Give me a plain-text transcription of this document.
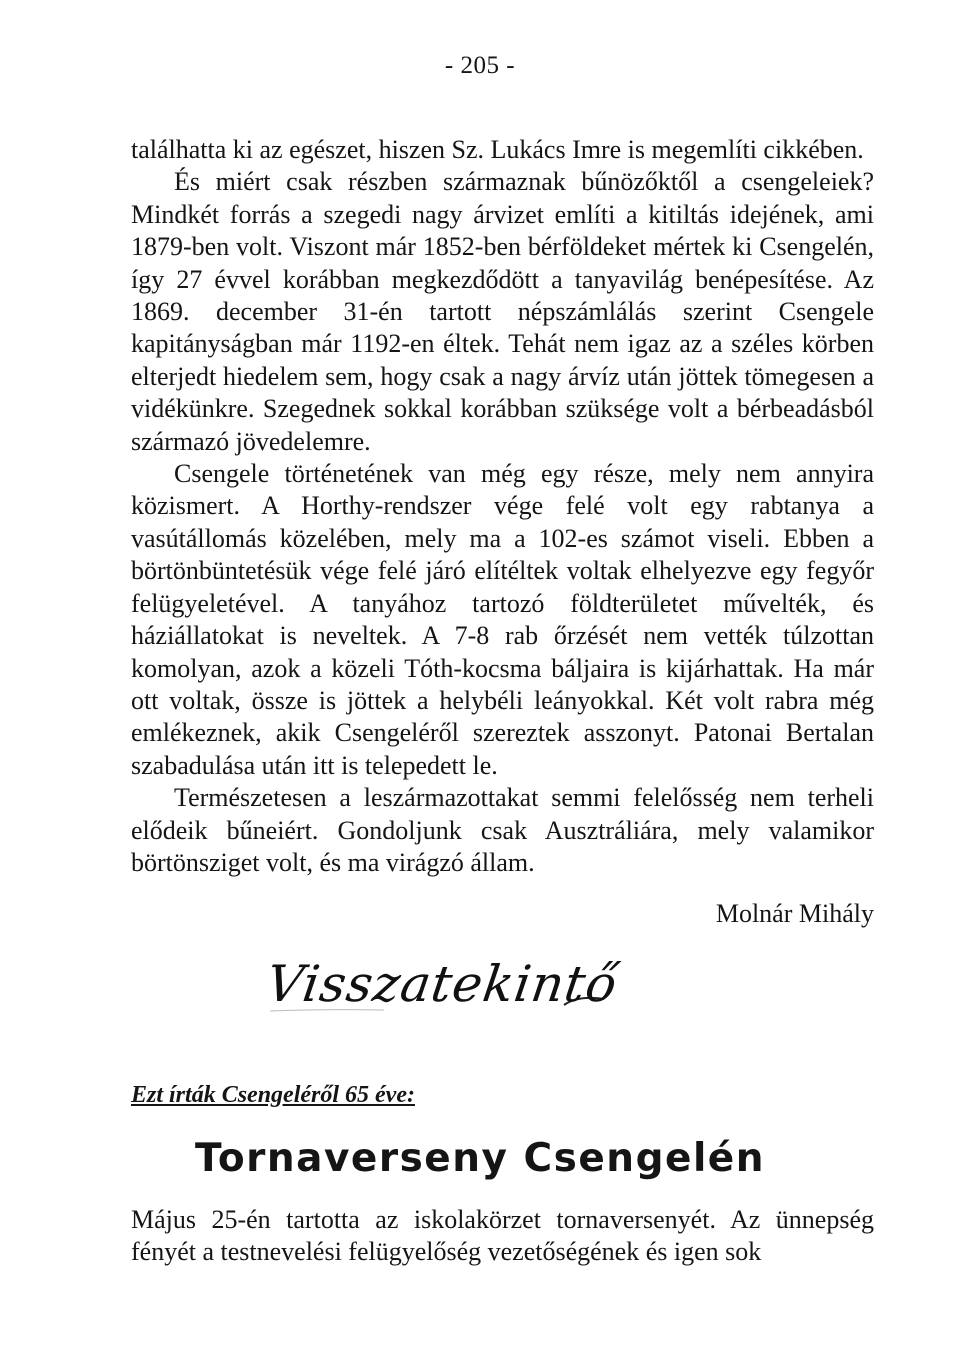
- 205 -

találhatta ki az egészet, hiszen Sz. Lukács Imre is megemlíti cikkében.

És miért csak részben származnak bűnözőktől a csengeleiek? Mindkét forrás a szegedi nagy árvizet említi a kitiltás idejének, ami 1879-ben volt. Viszont már 1852-ben bérföldeket mértek ki Csengelén, így 27 évvel korábban megkezdődött a tanyavilág benépesítése. Az 1869. december 31-én tartott népszámlálás szerint Csengele kapitányságban már 1192-en éltek. Tehát nem igaz az a széles körben elterjedt hiedelem sem, hogy csak a nagy árvíz után jöttek tömegesen a vidékünkre. Szegednek sokkal korábban szüksége volt a bérbeadásból származó jövedelemre.

Csengele történetének van még egy része, mely nem annyira közismert. A Horthy-rendszer vége felé volt egy rabtanya a vasútállomás közelében, mely ma a 102-es számot viseli. Ebben a börtönbüntetésük vége felé járó elítéltek voltak elhelyezve egy fegyőr felügyeletével. A tanyához tartozó földterületet művelték, és háziállatokat is neveltek. A 7-8 rab őrzését nem vették túlzottan komolyan, azok a közeli Tóth-kocsma báljaira is kijárhattak. Ha már ott voltak, össze is jöttek a helybéli leányokkal. Két volt rabra még emlékeznek, akik Csengeléről szereztek asszonyt. Patonai Bertalan szabadulása után itt is telepedett le.

Természetesen a leszármazottakat semmi felelősség nem terheli elődeik bűneiért. Gondoljunk csak Ausztráliára, mely valamikor börtönsziget volt, és ma virágzó állam.

Molnár Mihály
Visszatekintő
Ezt írták Csengeléről 65 éve:
Tornaverseny Csengelén

Május 25-én tartotta az iskolakörzet tornaversenyét. Az ünnepség fényét a testnevelési felügyelőség vezetőségének és igen sok
